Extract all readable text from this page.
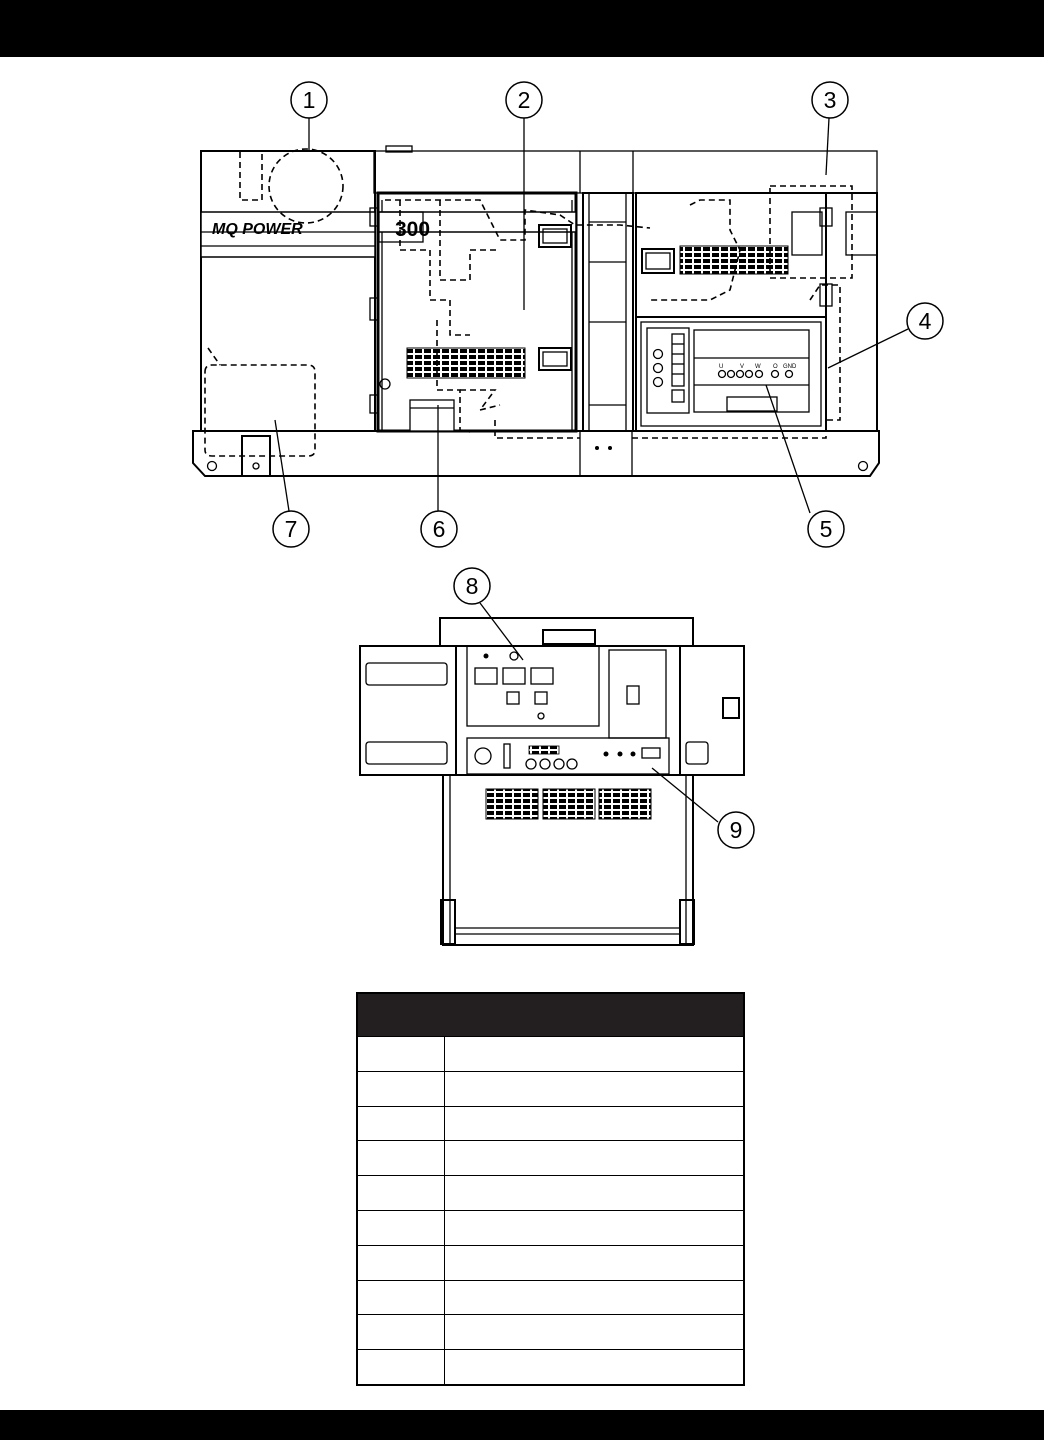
MQ POWER	300
U	V W O GND
1	2	3
4
5
6
7
8
9
